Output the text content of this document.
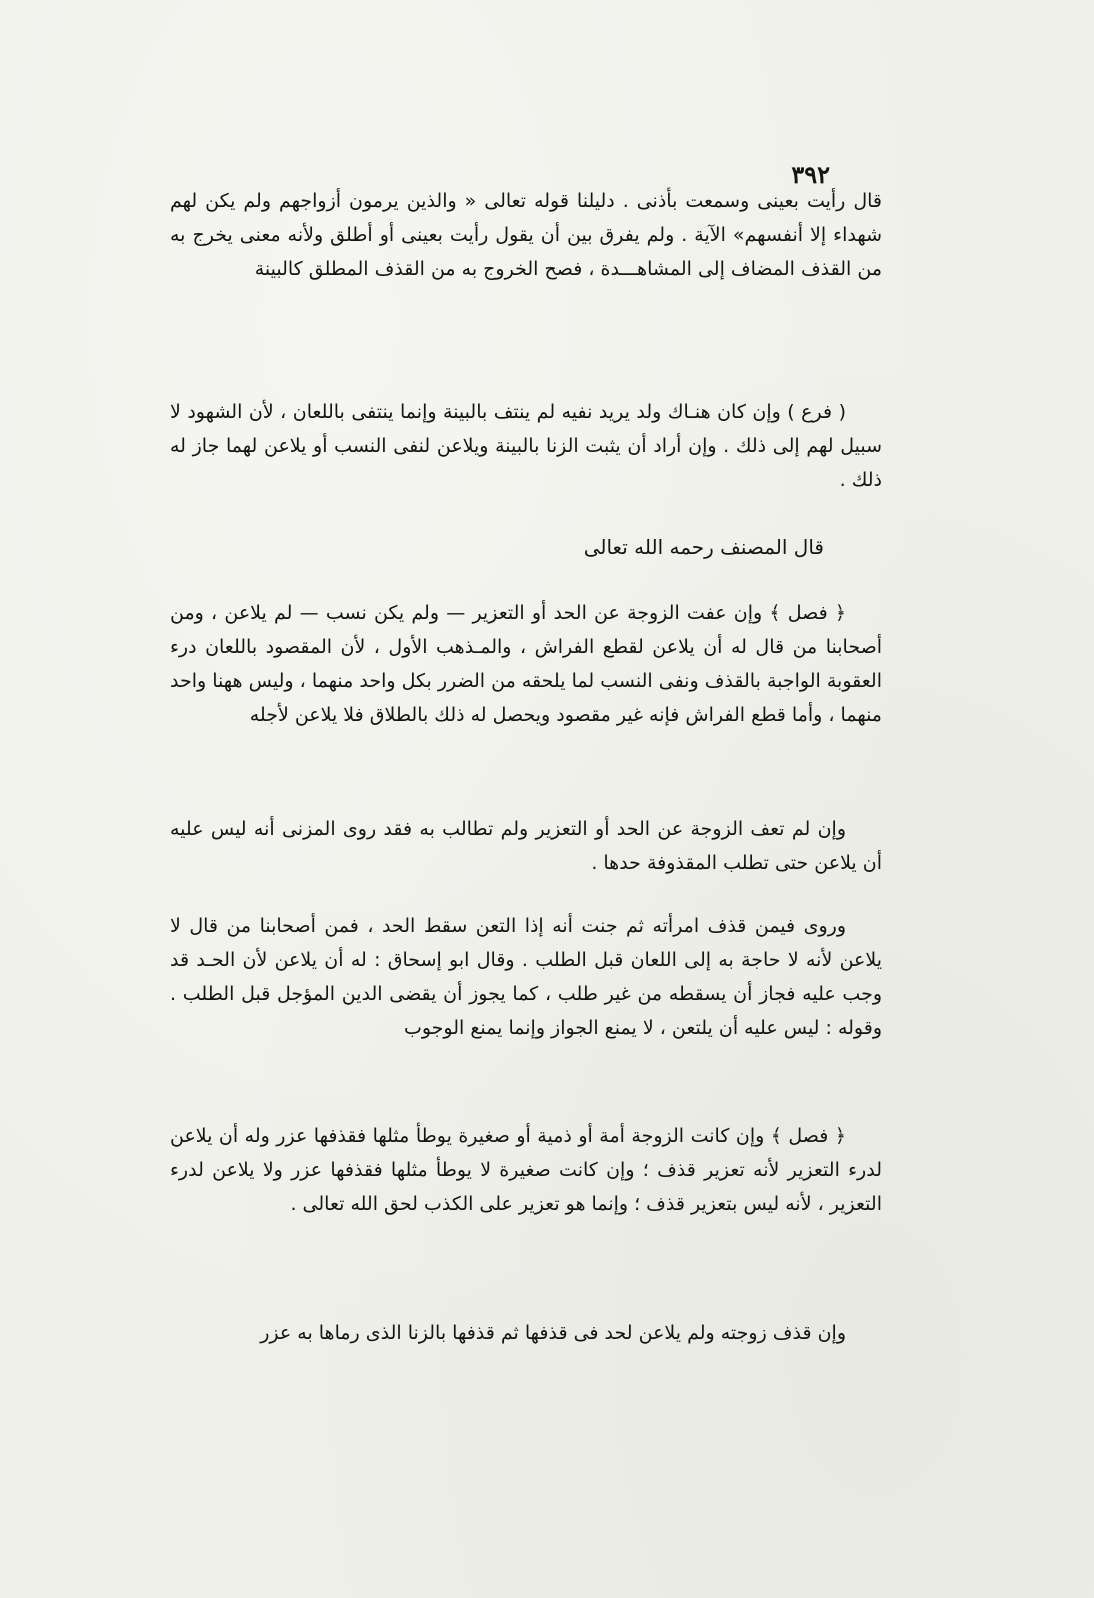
٣٩٢
قال رأيت بعينى وسمعت بأذنى . دليلنا قوله تعالى « والذين يرمون أزواجهم ولم يكن لهم شهداء إلا أنفسهم» الآية . ولم يفرق بين أن يقول رأيت بعينى أو أطلق ولأنه معنى يخرج به من القذف المضاف إلى المشاهـــدة ، فصح الخروج به من القذف المطلق كالبينة
( فرع ) وإن كان هنـاك ولد يريد نفيه لم ينتف بالبينة وإنما ينتفى باللعان ، لأن الشهود لا سبيل لهم إلى ذلك . وإن أراد أن يثبت الزنا بالبينة ويلاعن لنفى النسب أو يلاعن لهما جاز له ذلك .
قال المصنف رحمه الله تعالى
﴿ فصل ﴾ وإن عفت الزوجة عن الحد أو التعزير — ولم يكن نسب — لم يلاعن ، ومن أصحابنا من قال له أن يلاعن لقطع الفراش ، والمـذهب الأول ، لأن المقصود باللعان درء العقوبة الواجبة بالقذف ونفى النسب لما يلحقه من الضرر بكل واحد منهما ، وليس ههنا واحد منهما ، وأما قطع الفراش فإنه غير مقصود ويحصل له ذلك بالطلاق فلا يلاعن لأجله
وإن لم تعف الزوجة عن الحد أو التعزير ولم تطالب به فقد روى المزنى أنه ليس عليه أن يلاعن حتى تطلب المقذوفة حدها .
وروى فيمن قذف امرأته ثم جنت أنه إذا التعن سقط الحد ، فمن أصحابنا من قال لا يلاعن لأنه لا حاجة به إلى اللعان قبل الطلب . وقال ابو إسحاق : له أن يلاعن لأن الحـد قد وجب عليه فجاز أن يسقطه من غير طلب ، كما يجوز أن يقضى الدين المؤجل قبل الطلب . وقوله : ليس عليه أن يلتعن ، لا يمنع الجواز وإنما يمنع الوجوب
﴿ فصل ﴾ وإن كانت الزوجة أمة أو ذمية أو صغيرة يوطأ مثلها فقذفها عزر وله أن يلاعن لدرء التعزير لأنه تعزير قذف ؛ وإن كانت صغيرة لا يوطأ مثلها فقذفها عزر ولا يلاعن لدرء التعزير ، لأنه ليس بتعزير قذف ؛ وإنما هو تعزير على الكذب لحق الله تعالى .
وإن قذف زوجته ولم يلاعن لحد فى قذفها ثم قذفها بالزنا الذى رماها به عزر
